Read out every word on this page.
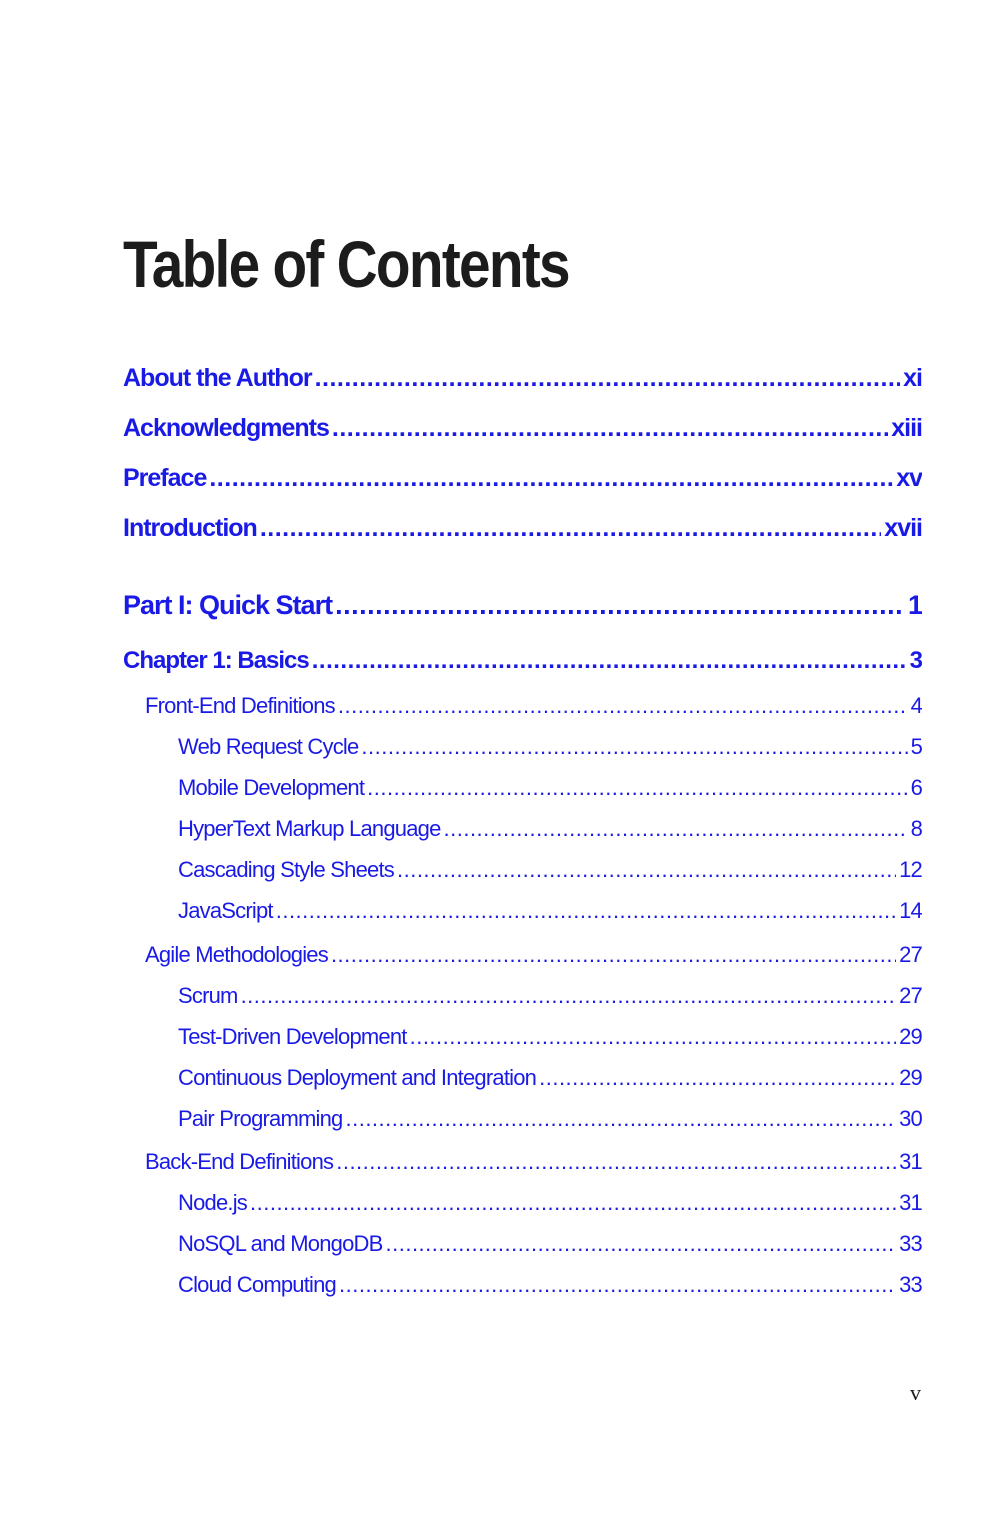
Table of Contents
About the Author .....	xi
Acknowledgments .....	xiii
Preface .....	xv
Introduction .....	xvii
Part I: Quick Start .....	1
Chapter 1: Basics .....	3
Front-End Definitions .....	4
Web Request Cycle .....	5
Mobile Development .....	6
HyperText Markup Language .....	8
Cascading Style Sheets .....	12
JavaScript .....	14
Agile Methodologies .....	27
Scrum .....	27
Test-Driven Development .....	29
Continuous Deployment and Integration .....	29
Pair Programming .....	30
Back-End Definitions .....	31
Node.js .....	31
NoSQL and MongoDB .....	33
Cloud Computing .....	33
v
